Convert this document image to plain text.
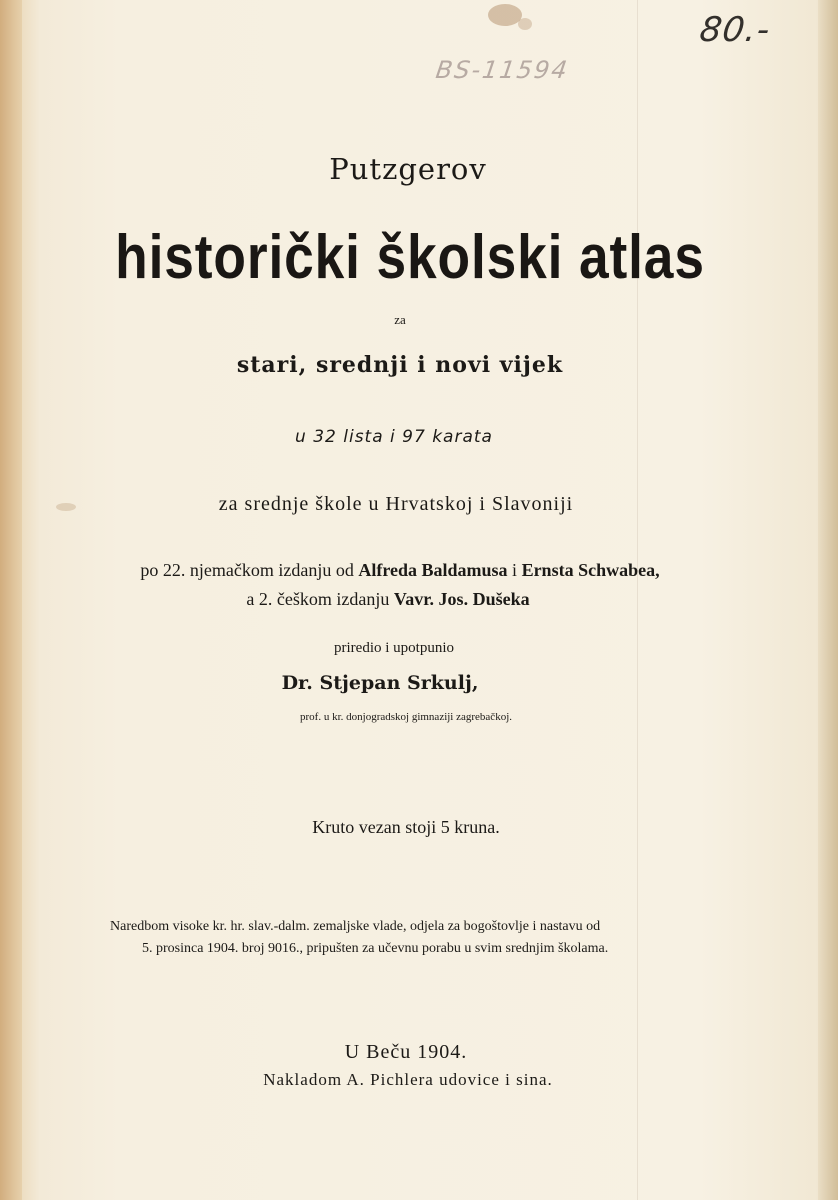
80.-
BS-11594

Putzgerov

historički školski atlas

za

stari, srednji i novi vijek

u 32 lista i 97 karata

za srednje škole u Hrvatskoj i Slavoniji

po 22. njemačkom izdanju od Alfreda Baldamusa i Ernsta Schwabea,

a 2. češkom izdanju Vavr. Jos. Dušeka

priredio i upotpunio

Dr. Stjepan Srkulj,

prof. u kr. donjogradskoj gimnaziji zagrebačkoj.

Kruto vezan stoji 5 kruna.

Naredbom visoke kr. hr. slav.-dalm. zemaljske vlade, odjela za bogoštovlje i nastavu od
5. prosinca 1904. broj 9016., pripušten za učevnu porabu u svim srednjim školama.

U Beču 1904.

Nakladom A. Pichlera udovice i sina.
